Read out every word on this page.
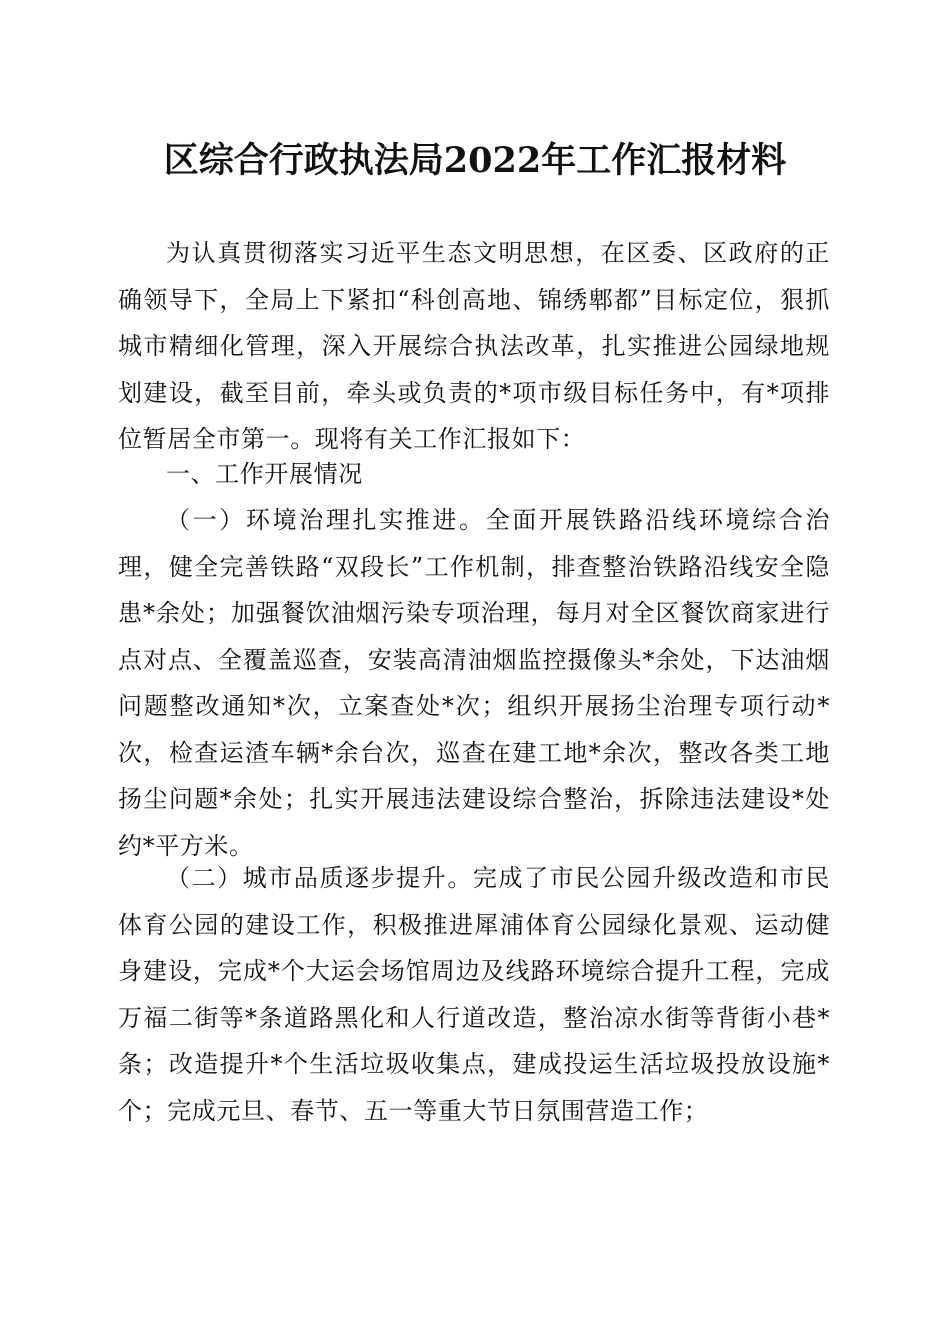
区综合行政执法局2022年工作汇报材料

为认真贯彻落实习近平生态文明思想，在区委、区政府的正确领导下，全局上下紧扣“科创高地、锦绣郫都”目标定位，狠抓城市精细化管理，深入开展综合执法改革，扎实推进公园绿地规划建设，截至目前，牵头或负责的*项市级目标任务中，有*项排位暂居全市第一。现将有关工作汇报如下：

一、工作开展情况

（一）环境治理扎实推进。全面开展铁路沿线环境综合治理，健全完善铁路“双段长”工作机制，排查整治铁路沿线安全隐患*余处；加强餐饮油烟污染专项治理，每月对全区餐饮商家进行点对点、全覆盖巡查，安装高清油烟监控摄像头*余处，下达油烟问题整改通知*次，立案查处*次；组织开展扬尘治理专项行动*次，检查运渣车辆*余台次，巡查在建工地*余次，整改各类工地扬尘问题*余处；扎实开展违法建设综合整治，拆除违法建设*处约*平方米。

（二）城市品质逐步提升。完成了市民公园升级改造和市民体育公园的建设工作，积极推进犀浦体育公园绿化景观、运动健身建设，完成*个大运会场馆周边及线路环境综合提升工程，完成万福二街等*条道路黑化和人行道改造，整治凉水街等背街小巷*条；改造提升*个生活垃圾收集点，建成投运生活垃圾投放设施*个；完成元旦、春节、五一等重大节日氛围营造工作；
